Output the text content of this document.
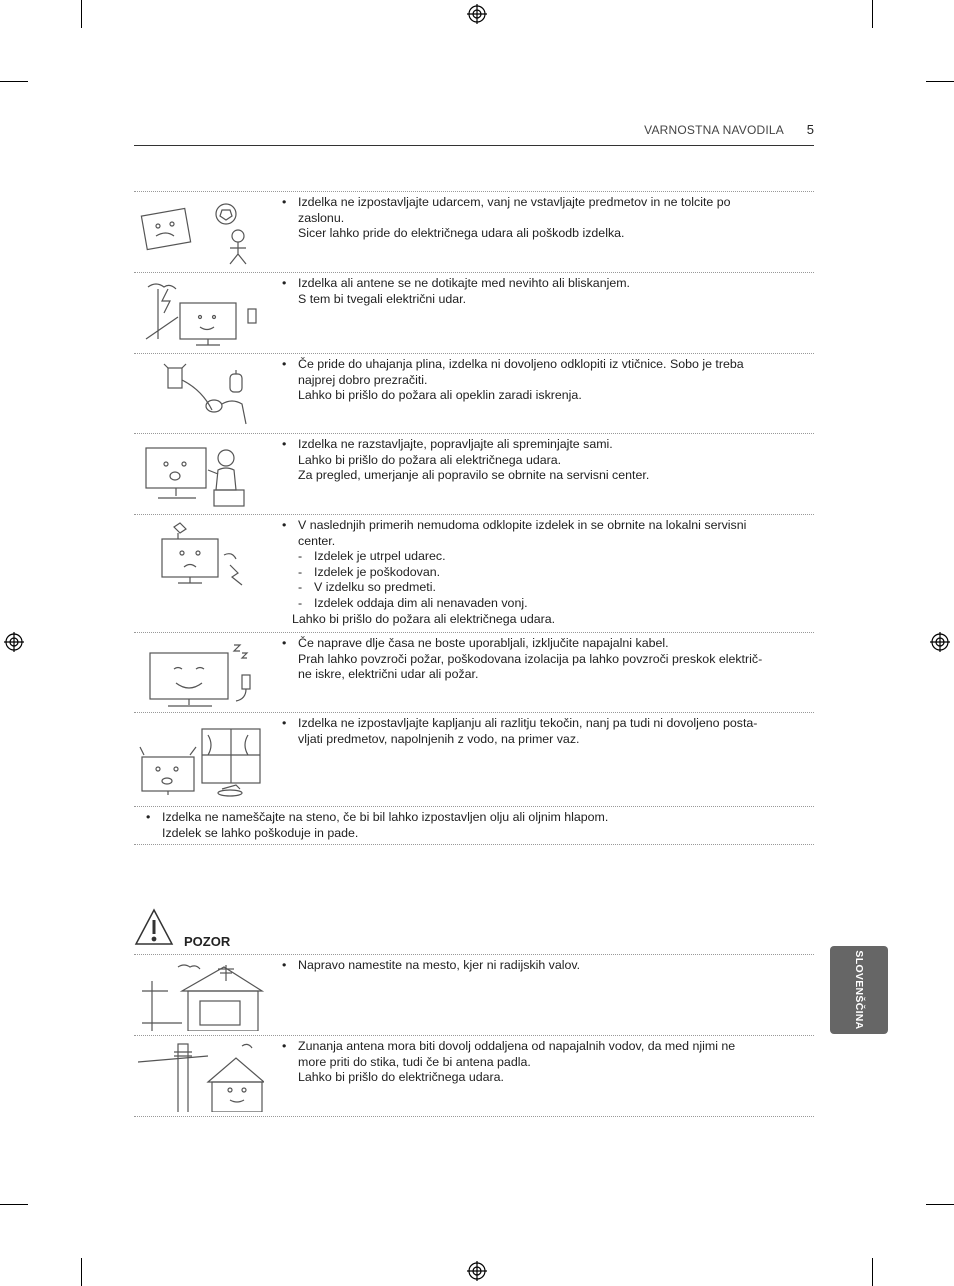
VARNOSTNA NAVODILA 5
• Izdelka ne izpostavljajte udarcem, vanj ne vstavljajte predmetov in ne tolcite po
zaslonu.
Sicer lahko pride do električnega udara ali poškodb izdelka.
• Izdelka ali antene se ne dotikajte med nevihto ali bliskanjem.
S tem bi tvegali električni udar.
• Če pride do uhajanja plina, izdelka ni dovoljeno odklopiti iz vtičnice. Sobo je treba
najprej dobro prezračiti.
Lahko bi prišlo do požara ali opeklin zaradi iskrenja.
• Izdelka ne razstavljajte, popravljajte ali spreminjajte sami.
Lahko bi prišlo do požara ali električnega udara.
Za pregled, umerjanje ali popravilo se obrnite na servisni center.
• V naslednjih primerih nemudoma odklopite izdelek in se obrnite na lokalni servisni
center.
- Izdelek je utrpel udarec.
- Izdelek je poškodovan.
- V izdelku so predmeti.
- Izdelek oddaja dim ali nenavaden vonj.
Lahko bi prišlo do požara ali električnega udara.
• Če naprave dlje časa ne boste uporabljali, izključite napajalni kabel.
Prah lahko povzroči požar, poškodovana izolacija pa lahko povzroči preskok električ-
ne iskre, električni udar ali požar.
• Izdelka ne izpostavljajte kapljanju ali razlitju tekočin, nanj pa tudi ni dovoljeno posta-
vljati predmetov, napolnjenih z vodo, na primer vaz.
• Izdelka ne nameščajte na steno, če bi bil lahko izpostavljen olju ali oljnim hlapom.
Izdelek se lahko poškoduje in pade.
POZOR
• Napravo namestite na mesto, kjer ni radijskih valov.
• Zunanja antena mora biti dovolj oddaljena od napajalnih vodov, da med njimi ne
more priti do stika, tudi če bi antena padla.
Lahko bi prišlo do električnega udara.
SLOVENŠČINA
